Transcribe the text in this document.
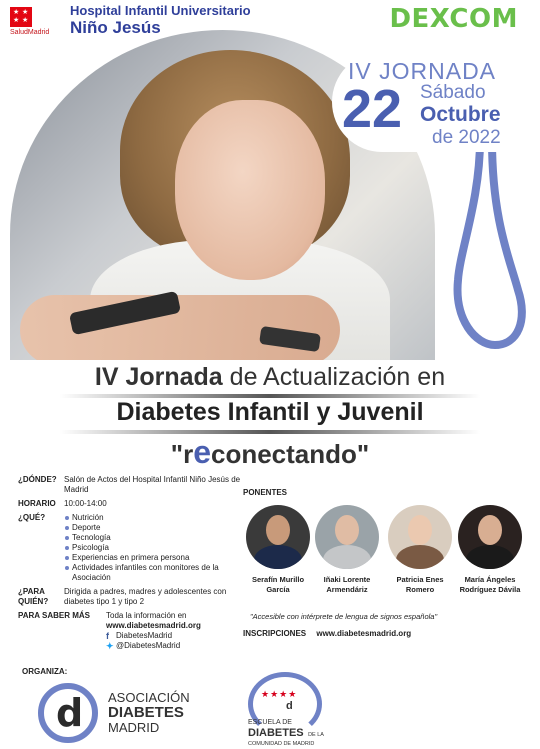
★ ★
★ ★
SaludMadrid
Hospital Infantil Universitario
Niño Jesús	DEXCOM
IV JORNADA
22 Sábado
Octubre
de 2022
IV Jornada de Actualización en
Diabetes Infantil y Juvenil
"reconectando"
¿DÓNDE? Salón de Actos del Hospital Infantil Niño Jesús de Madrid
HORARIO	10:00-14:00
¿QUÉ?	Nutrición
Deporte
Tecnología
Psicología
Experiencias en primera persona
Actividades infantiles con monitores de la Asociación
¿PARA QUIÉN?
Dirigida a padres, madres y adolescentes con diabetes tipo 1 y tipo 2
PARA SABER MÁS	Toda la información en
www.diabetesmadrid.org
f DiabetesMadrid
✦ @DiabetesMadrid
PONENTES
Serafín Murillo
García
Iñaki Lorente
Armendáriz
Patricia Enes
Romero
María Ángeles
Rodríguez Dávila
"Accesible con intérprete de lengua de signos española"
INSCRIPCIONES www.diabetesmadrid.org
ORGANIZA:
d ASOCIACIÓN
DIABETES
MADRID
★★★★
d
ESCUELA DE
DIABETES DE LA
COMUNIDAD DE MADRID
